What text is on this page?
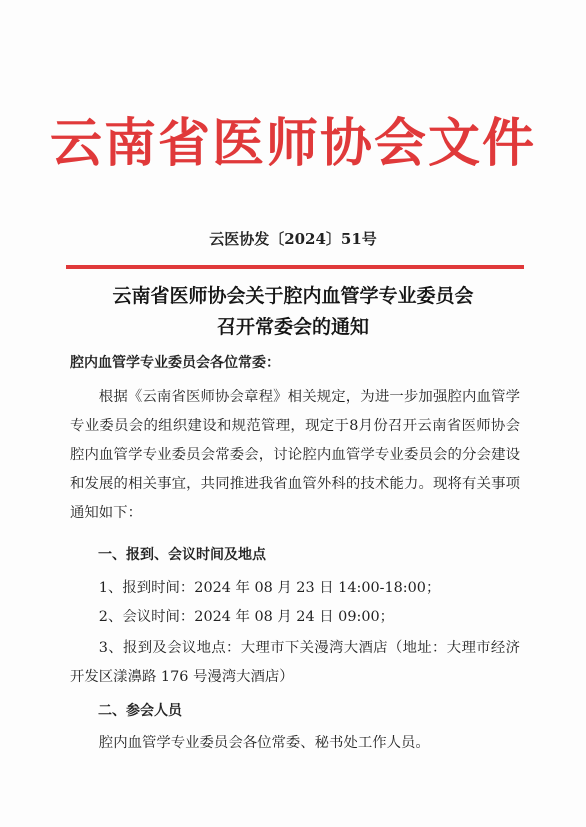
云南省医师协会文件
云医协发〔2024〕51号
云南省医师协会关于腔内血管学专业委员会
召开常委会的通知
腔内血管学专业委员会各位常委：
根据《云南省医师协会章程》相关规定，为进一步加强腔内血管学专业委员会的组织建设和规范管理，现定于8月份召开云南省医师协会腔内血管学专业委员会常委会，讨论腔内血管学专业委员会的分会建设和发展的相关事宜，共同推进我省血管外科的技术能力。现将有关事项通知如下：
一、报到、会议时间及地点
1、报到时间：2024 年 08 月 23 日 14:00-18:00；
2、会议时间：2024 年 08 月 24 日 09:00；
3、报到及会议地点：大理市下关漫湾大酒店（地址：大理市经济开发区漾濞路 176 号漫湾大酒店）
二、参会人员
腔内血管学专业委员会各位常委、秘书处工作人员。
